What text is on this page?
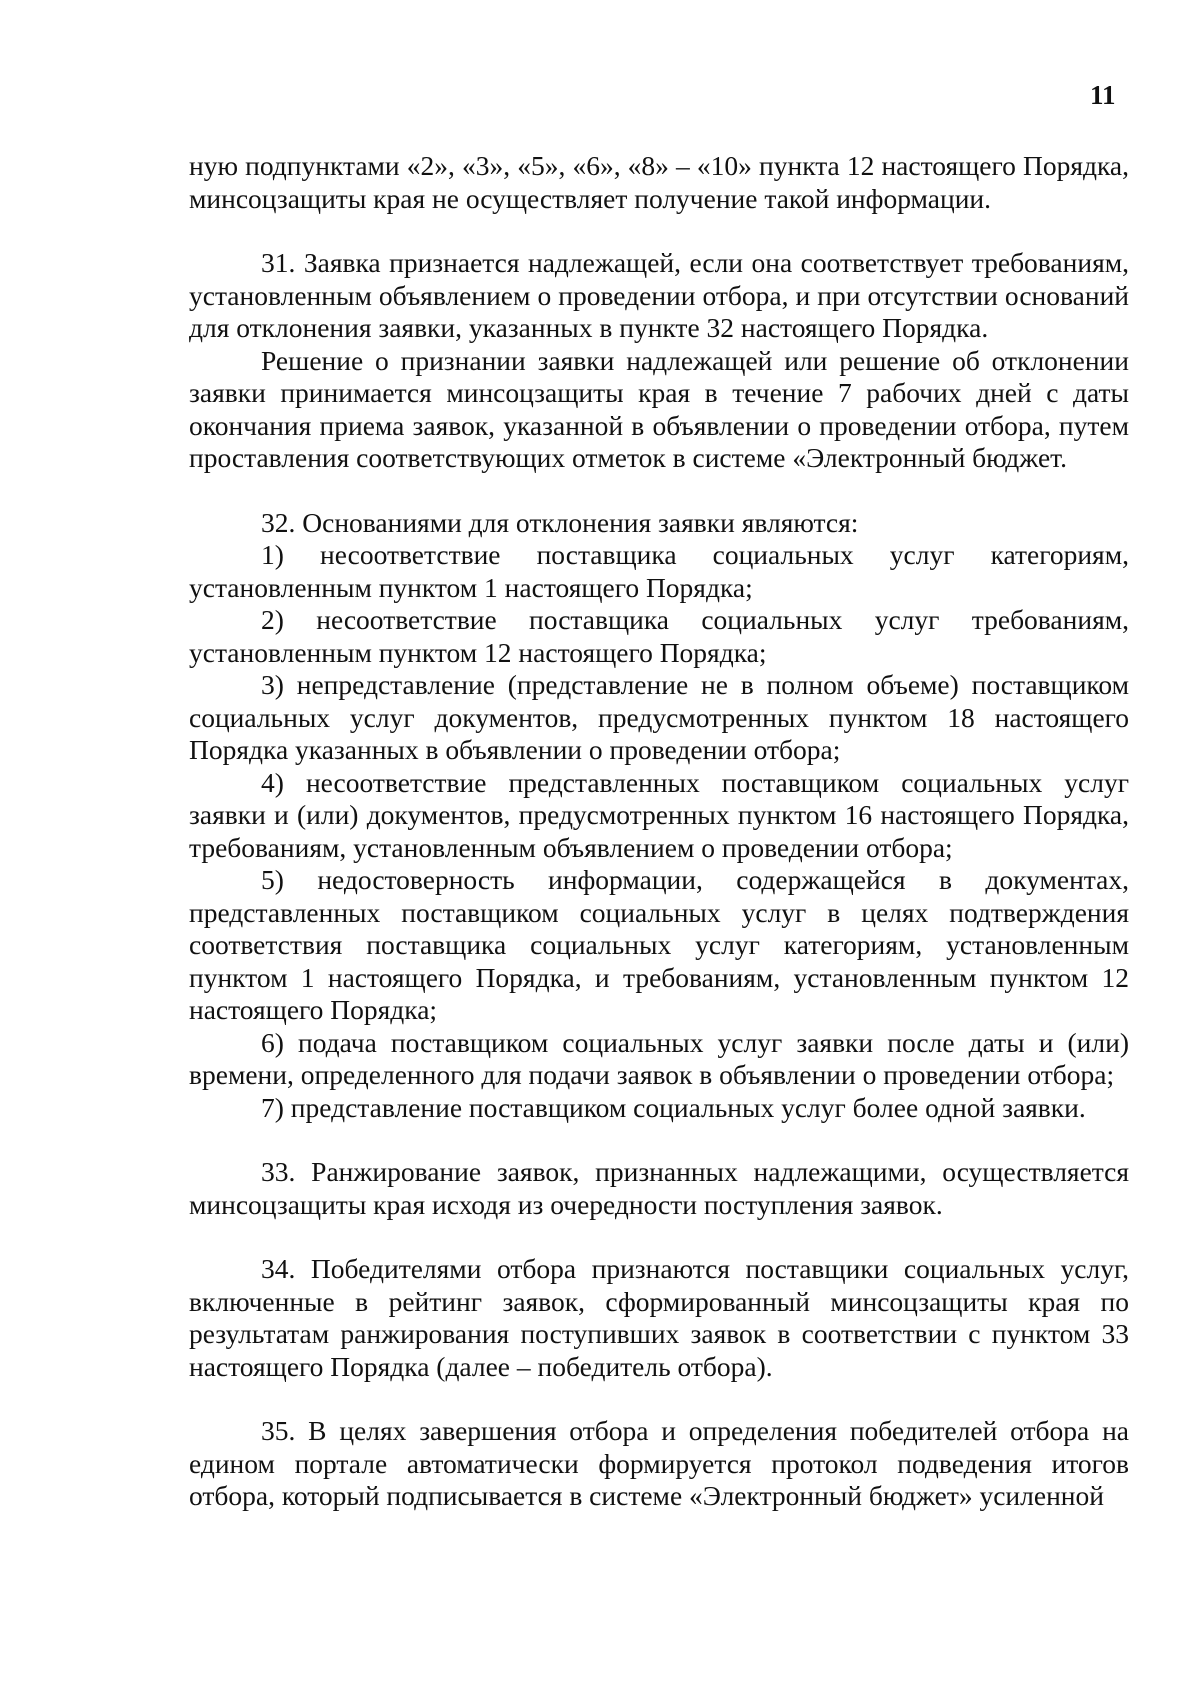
11

ную подпунктами «2», «3», «5», «6», «8» – «10» пункта 12 настоящего Порядка, минсоцзащиты края не осуществляет получение такой информации.

31. Заявка признается надлежащей, если она соответствует требованиям, установленным объявлением о проведении отбора, и при отсутствии оснований для отклонения заявки, указанных в пункте 32 настоящего Порядка.

Решение о признании заявки надлежащей или решение об отклонении заявки принимается минсоцзащиты края в течение 7 рабочих дней с даты окончания приема заявок, указанной в объявлении о проведении отбора, путем проставления соответствующих отметок в системе «Электронный бюджет.

32. Основаниями для отклонения заявки являются:

1) несоответствие поставщика социальных услуг категориям, установленным пунктом 1 настоящего Порядка;

2) несоответствие поставщика социальных услуг требованиям, установленным пунктом 12 настоящего Порядка;

3) непредставление (представление не в полном объеме) поставщиком социальных услуг документов, предусмотренных пунктом 18 настоящего Порядка указанных в объявлении о проведении отбора;

4) несоответствие представленных поставщиком социальных услуг заявки и (или) документов, предусмотренных пунктом 16 настоящего Порядка, требованиям, установленным объявлением о проведении отбора;

5) недостоверность информации, содержащейся в документах, представленных поставщиком социальных услуг в целях подтверждения соответствия поставщика социальных услуг категориям, установленным пунктом 1 настоящего Порядка, и требованиям, установленным пунктом 12 настоящего Порядка;

6) подача поставщиком социальных услуг заявки после даты и (или) времени, определенного для подачи заявок в объявлении о проведении отбора;

7) представление поставщиком социальных услуг более одной заявки.

33. Ранжирование заявок, признанных надлежащими, осуществляется минсоцзащиты края исходя из очередности поступления заявок.

34. Победителями отбора признаются поставщики социальных услуг, включенные в рейтинг заявок, сформированный минсоцзащиты края по результатам ранжирования поступивших заявок в соответствии с пунктом 33 настоящего Порядка (далее – победитель отбора).

35. В целях завершения отбора и определения победителей отбора на едином портале автоматически формируется протокол подведения итогов отбора, который подписывается в системе «Электронный бюджет» усиленной
